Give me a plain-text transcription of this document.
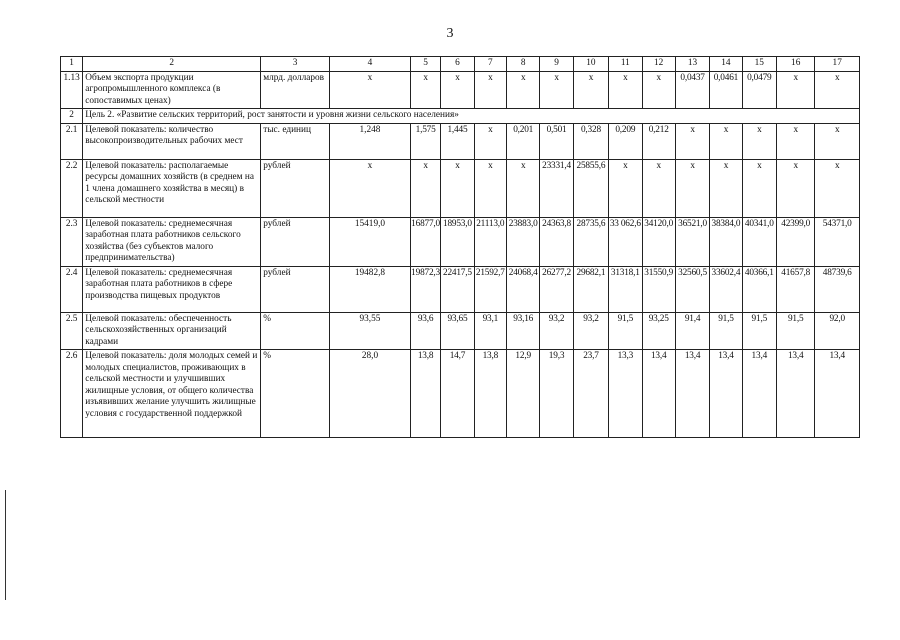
3
1	2	3	4	5	6	7	8	9	10	11	12	13	14	15	16	17
1.13	Объем экспорта продукции агропромышленного комплекса (в сопоставимых ценах)	млрд. долларов	x	x	x	x	x	x	x	x	x	0,0437	0,0461	0,0479	x	x
2	Цель 2. «Развитие сельских территорий, рост занятости и уровня жизни сельского населения»															
2.1	Целевой показатель: количество высокопроизводительных рабочих мест	тыс. единиц	1,248	1,575	1,445	x	0,201	0,501	0,328	0,209	0,212	x	x	x	x	x
2.2	Целевой показатель: располагаемые ресурсы домашних хозяйств (в среднем на 1 члена домашнего хозяйства в месяц) в сельской местности	рублей	x	x	x	x	x	23331,4	25855,6	x	x	x	x	x	x	x
2.3	Целевой показатель: среднемесячная заработная плата работников сельского хозяйства (без субъектов малого предпринимательства)	рублей	15419,0	16877,0	18953,0	21113,0	23883,0	24363,8	28735,6	33 062,6	34120,0	36521,0	38384,0	40341,0	42399,0	54371,0
2.4	Целевой показатель: среднемесячная заработная плата работников в сфере производства пищевых продуктов	рублей	19482,8	19872,3	22417,5	21592,7	24068,4	26277,2	29682,1	31318,1	31550,9	32560,5	33602,4	40366,1	41657,8	48739,6
2.5	Целевой показатель: обеспеченность сельскохозяйственных организаций кадрами	%	93,55	93,6	93,65	93,1	93,16	93,2	93,2	91,5	93,25	91,4	91,5	91,5	91,5	92,0
2.6	Целевой показатель: доля молодых семей и молодых специалистов, проживающих в сельской местности и улучшивших жилищные условия, от общего количества изъявивших желание улучшить жилищные условия с государственной поддержкой	%	28,0	13,8	14,7	13,8	12,9	19,3	23,7	13,3	13,4	13,4	13,4	13,4	13,4	13,4
